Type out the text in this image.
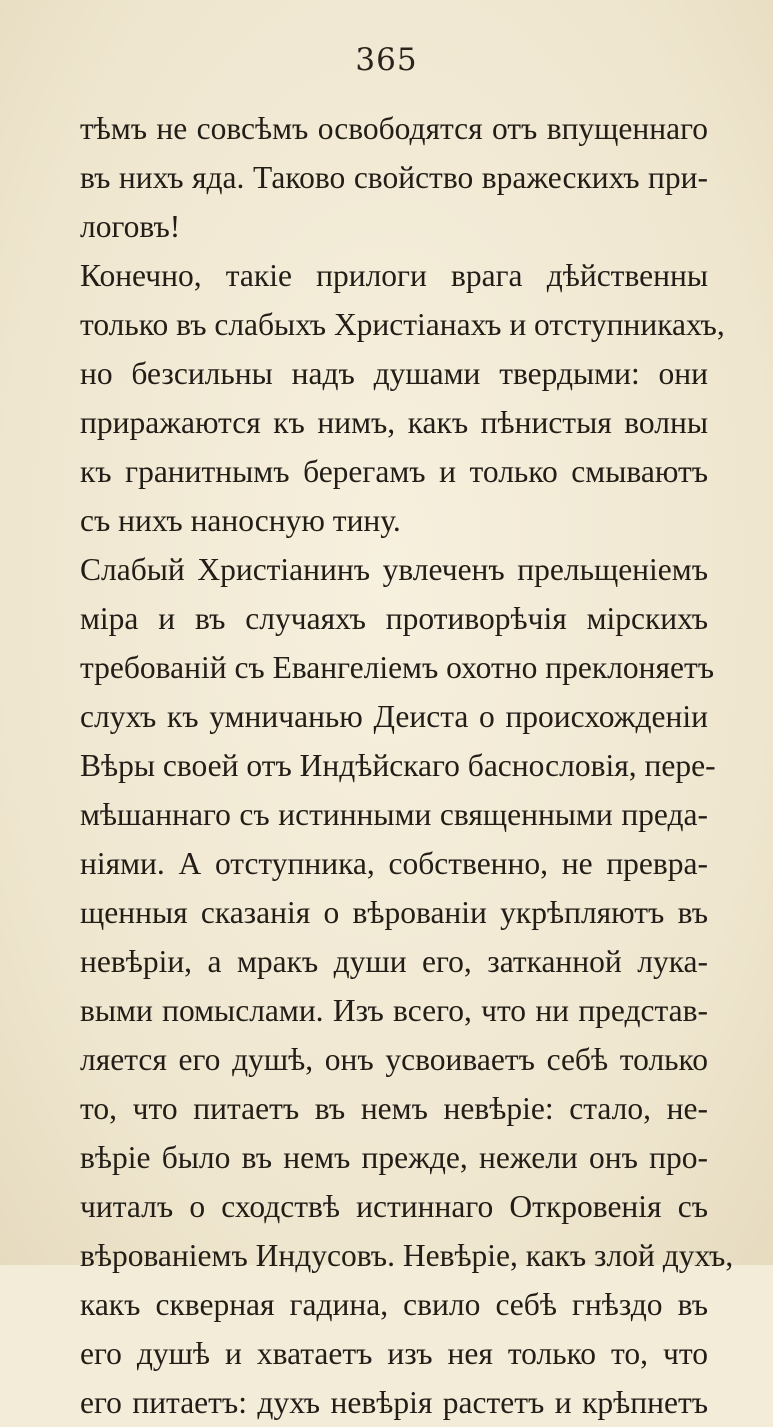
365
тѣмъ не совсѣмъ освободятся отъ впущеннаго
въ нихъ яда. Таково свойство вражескихъ при-
логовъ!
Конечно, такіе прилоги врага дѣйственны
только въ слабыхъ Христіанахъ и отступникахъ,
но безсильны надъ душами твердыми: они
приражаются къ нимъ, какъ пѣнистыя волны
къ гранитнымъ берегамъ и только смываютъ
съ нихъ наносную тину.
Слабый Христіанинъ увлеченъ прельщеніемъ
міра и въ случаяхъ противорѣчія мірскихъ
требованій съ Евангеліемъ охотно преклоняетъ
слухъ къ умничанью Деиста о происхожденіи
Вѣры своей отъ Индѣйскаго баснословія, пере-
мѣшаннаго съ истинными священными преда-
ніями. А отступника, собственно, не превра-
щенныя сказанія о вѣрованіи укрѣпляютъ въ
невѣріи, а мракъ души его, затканной лука-
выми помыслами. Изъ всего, что ни представ-
ляется его душѣ, онъ усвоиваетъ себѣ только
то, что питаетъ въ немъ невѣріе: стало, не-
вѣріе было въ немъ прежде, нежели онъ про-
читалъ о сходствѣ истиннаго Откровенія съ
вѣрованіемъ Индусовъ. Невѣріе, какъ злой духъ,
какъ скверная гадина, свило себѣ гнѣздо въ
его душѣ и хватаетъ изъ нея только то, что
его питаетъ: духъ невѣрія растетъ и крѣпнетъ
